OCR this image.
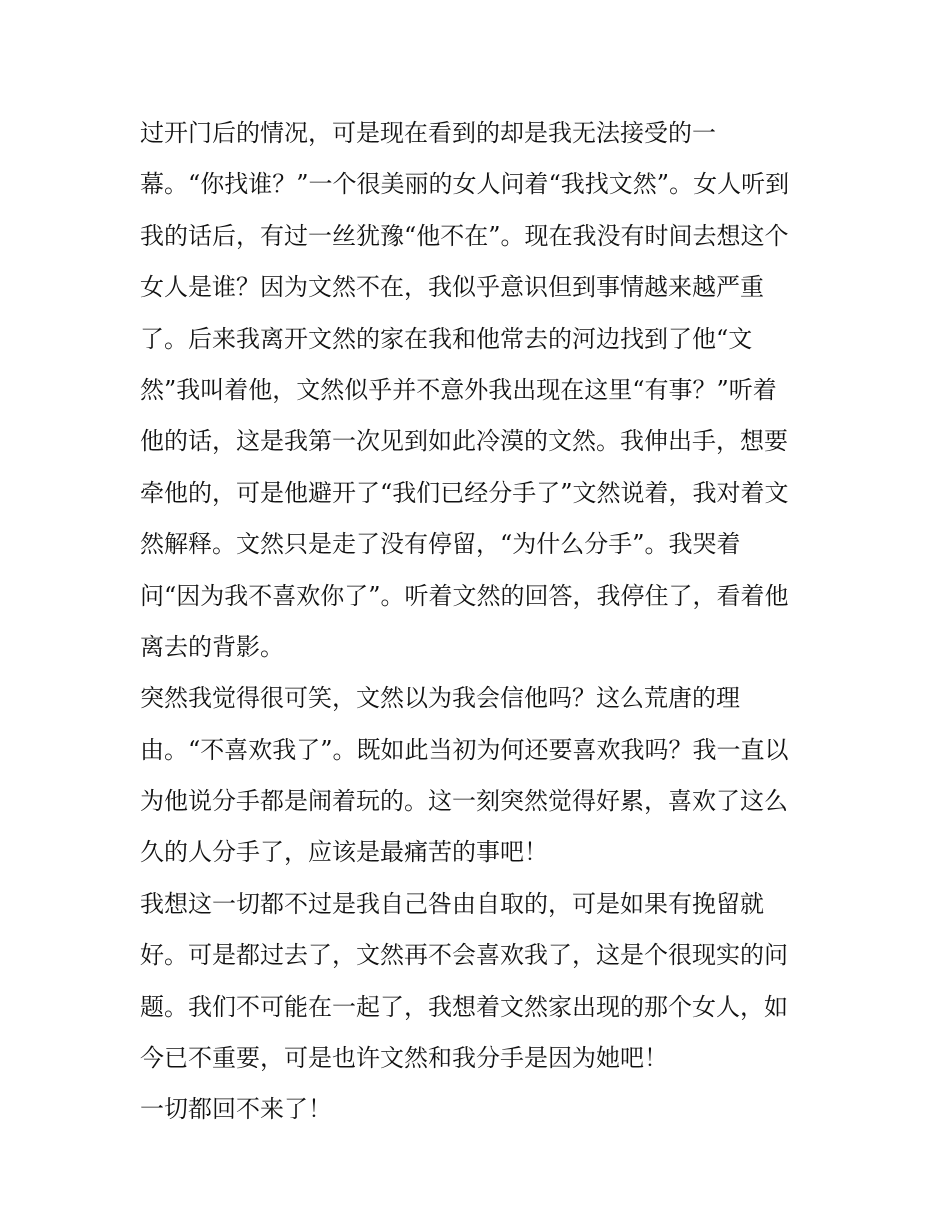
过开门后的情况，可是现在看到的却是我无法接受的一
幕。“你找谁？”一个很美丽的女人问着“我找文然”。女人听到
我的话后，有过一丝犹豫“他不在”。现在我没有时间去想这个
女人是谁？因为文然不在，我似乎意识但到事情越来越严重
了。后来我离开文然的家在我和他常去的河边找到了他“文
然”我叫着他，文然似乎并不意外我出现在这里“有事？”听着
他的话，这是我第一次见到如此冷漠的文然。我伸出手，想要
牵他的，可是他避开了“我们已经分手了”文然说着，我对着文
然解释。文然只是走了没有停留，“为什么分手”。我哭着
问“因为我不喜欢你了”。听着文然的回答，我停住了，看着他
离去的背影。
突然我觉得很可笑，文然以为我会信他吗？这么荒唐的理
由。“不喜欢我了”。既如此当初为何还要喜欢我吗？我一直以
为他说分手都是闹着玩的。这一刻突然觉得好累，喜欢了这么
久的人分手了，应该是最痛苦的事吧！
我想这一切都不过是我自己咎由自取的，可是如果有挽留就
好。可是都过去了，文然再不会喜欢我了，这是个很现实的问
题。我们不可能在一起了，我想着文然家出现的那个女人，如
今已不重要，可是也许文然和我分手是因为她吧！
一切都回不来了！
